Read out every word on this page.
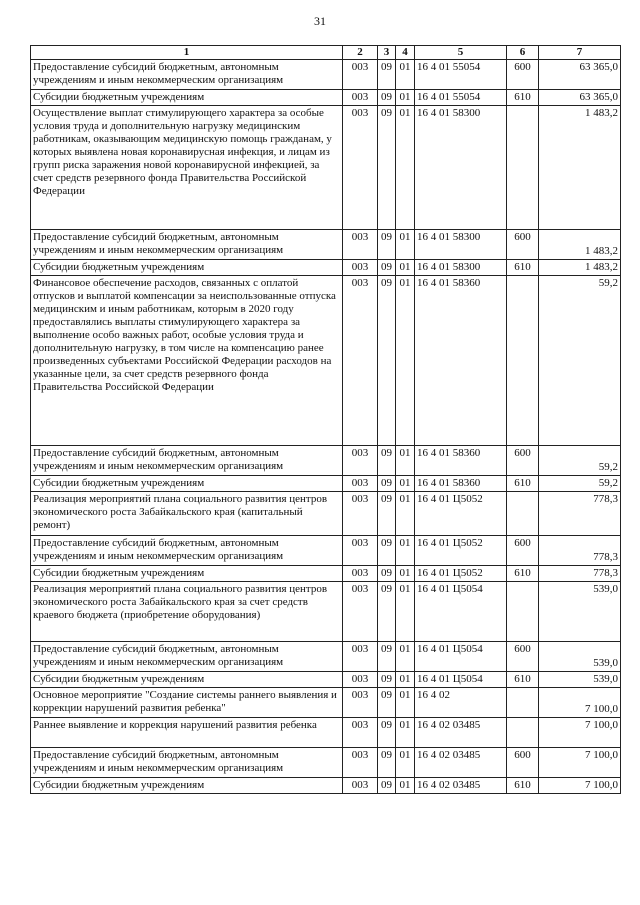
31
1	2	3	4	5	6	7
Предоставление субсидий бюджетным, автономным учреждениям и иным некоммерческим организациям	003	09	01	16 4 01 55054	600	63 365,0
Субсидии бюджетным учреждениям	003	09	01	16 4 01 55054	610	63 365,0
Осуществление выплат стимулирующего характера за особые условия труда и дополнительную нагрузку медицинским работникам, оказывающим медицинскую помощь гражданам, у которых выявлена новая коронавирусная инфекция, и лицам из групп риска заражения новой коронавирусной инфекцией, за счет средств резервного фонда Правительства Российской Федерации	003	09	01	16 4 01 58300		1 483,2
Предоставление субсидий бюджетным, автономным учреждениям и иным некоммерческим организациям	003	09	01	16 4 01 58300	600	1 483,2
Субсидии бюджетным учреждениям	003	09	01	16 4 01 58300	610	1 483,2
Финансовое обеспечение расходов, связанных с оплатой отпусков и выплатой компенсации за неиспользованные отпуска медицинским и иным работникам, которым в 2020 году предоставлялись выплаты стимулирующего характера за выполнение особо важных работ, особые условия труда и дополнительную нагрузку, в том числе на компенсацию ранее произведенных субъектами Российской Федерации расходов на указанные цели, за счет средств резервного фонда Правительства Российской Федерации	003	09	01	16 4 01 58360		59,2
Предоставление субсидий бюджетным, автономным учреждениям и иным некоммерческим организациям	003	09	01	16 4 01 58360	600	59,2
Субсидии бюджетным учреждениям	003	09	01	16 4 01 58360	610	59,2
Реализация мероприятий плана социального развития центров экономического роста Забайкальского края (капитальный ремонт)	003	09	01	16 4 01 Ц5052		778,3
Предоставление субсидий бюджетным, автономным учреждениям и иным некоммерческим организациям	003	09	01	16 4 01 Ц5052	600	778,3
Субсидии бюджетным учреждениям	003	09	01	16 4 01 Ц5052	610	778,3
Реализация мероприятий плана социального развития центров экономического роста Забайкальского края за счет средств краевого бюджета (приобретение оборудования)	003	09	01	16 4 01 Ц5054		539,0
Предоставление субсидий бюджетным, автономным учреждениям и иным некоммерческим организациям	003	09	01	16 4 01 Ц5054	600	539,0
Субсидии бюджетным учреждениям	003	09	01	16 4 01 Ц5054	610	539,0
Основное мероприятие "Создание системы раннего выявления и коррекции нарушений развития ребенка"	003	09	01	16 4 02		7 100,0
Раннее выявление и коррекция нарушений развития ребенка	003	09	01	16 4 02 03485		7 100,0
Предоставление субсидий бюджетным, автономным учреждениям и иным некоммерческим организациям	003	09	01	16 4 02 03485	600	7 100,0
Субсидии бюджетным учреждениям	003	09	01	16 4 02 03485	610	7 100,0
